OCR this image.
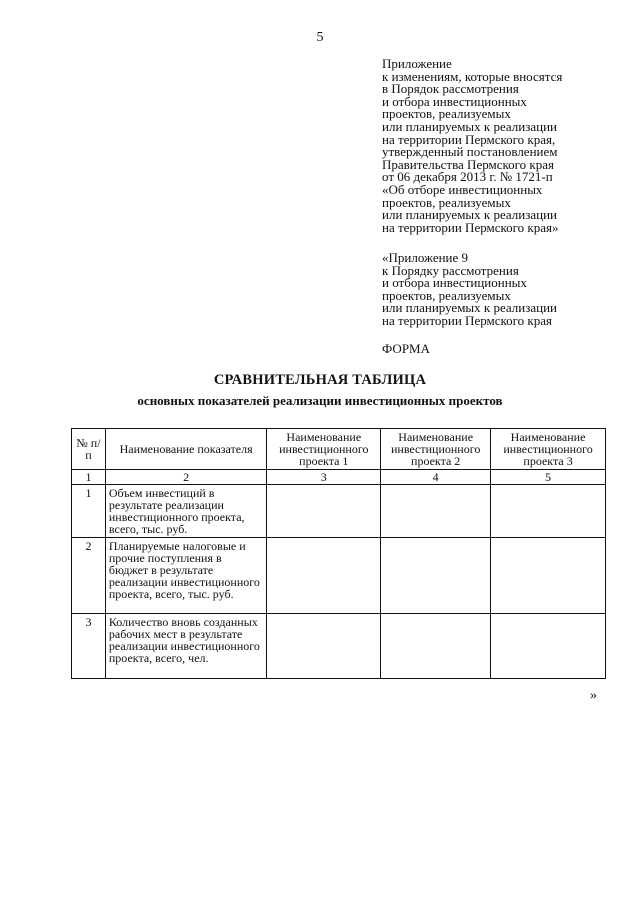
5
Приложение
к изменениям, которые вносятся
в Порядок рассмотрения
и отбора инвестиционных
проектов, реализуемых
или планируемых к реализации
на территории Пермского края,
утвержденный постановлением
Правительства Пермского края
от 06 декабря 2013 г. № 1721-п
«Об отборе инвестиционных
проектов, реализуемых
или планируемых к реализации
на территории Пермского края»
«Приложение 9
к Порядку рассмотрения
и отбора инвестиционных
проектов, реализуемых
или планируемых к реализации
на территории Пермского края
ФОРМА
СРАВНИТЕЛЬНАЯ ТАБЛИЦА
основных показателей реализации инвестиционных проектов
№ п/п	Наименование показателя	Наименование инвестиционного проекта 1	Наименование инвестиционного проекта 2	Наименование инвестиционного проекта 3
1	2	3	4	5
1	Объем инвестиций в результате реализации инвестиционного проекта, всего, тыс. руб.			
2	Планируемые налоговые и прочие поступления в бюджет в результате реализации инвестиционного проекта, всего, тыс. руб.			
3	Количество вновь созданных рабочих мест в результате реализации инвестиционного проекта, всего, чел.			
»
